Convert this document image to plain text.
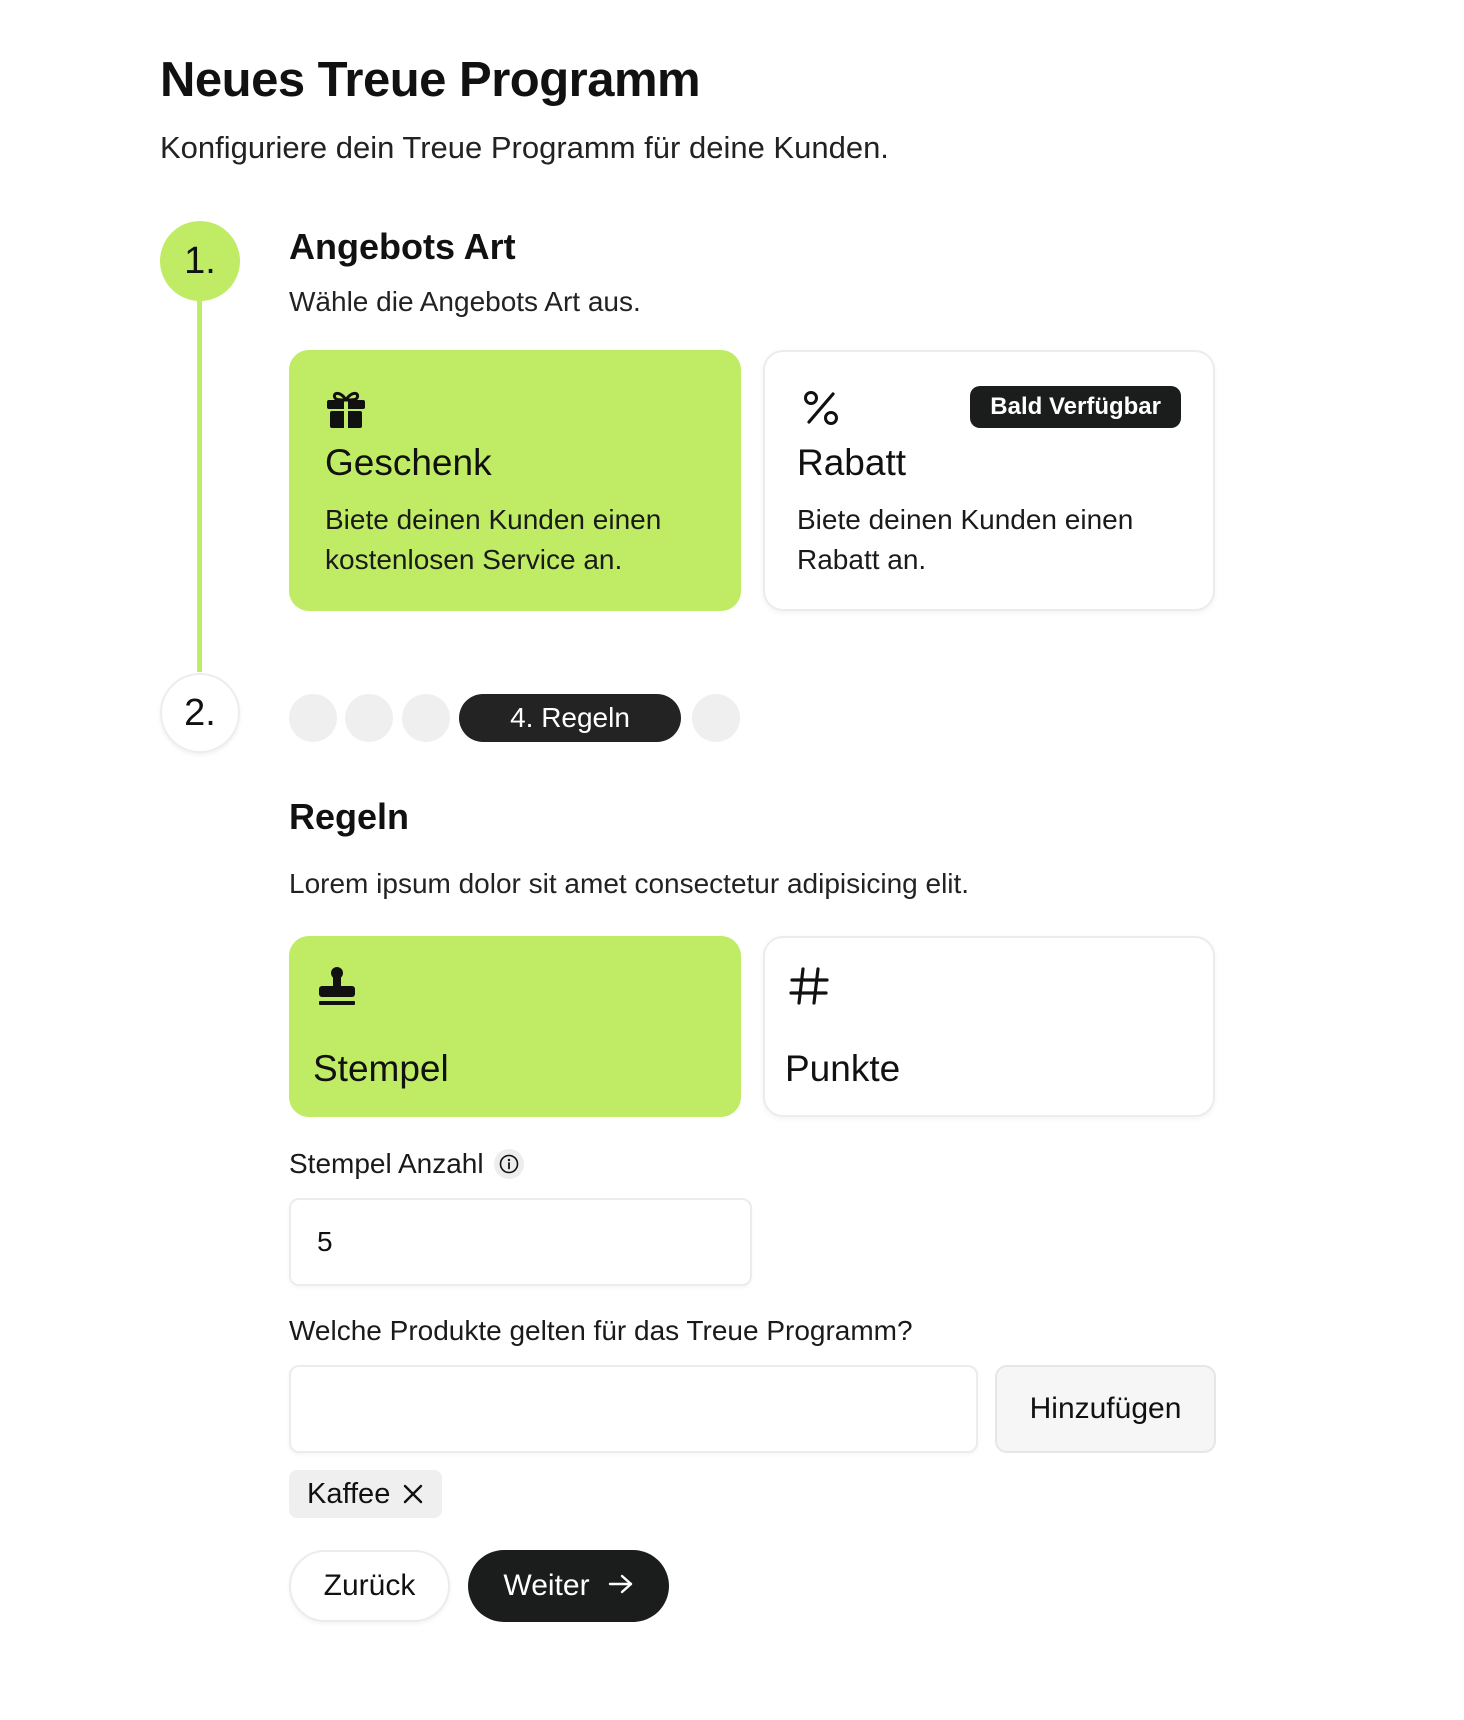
Neues Treue Programm

Konfiguriere dein Treue Programm für deine Kunden.

1.
2.
Angebots Art

Wähle die Angebots Art aus.

Geschenk
Biete deinen Kunden einen kostenlosen Service an.
Bald Verfügbar
Rabatt
Biete deinen Kunden einen Rabatt an.
4. Regeln
Regeln

Lorem ipsum dolor sit amet consectetur adipisicing elit.

Stempel	Punkte
Stempel Anzahl
5
Welche Produkte gelten für das Treue Programm?
Hinzufügen
Kaffee
Zurück	Weiter
